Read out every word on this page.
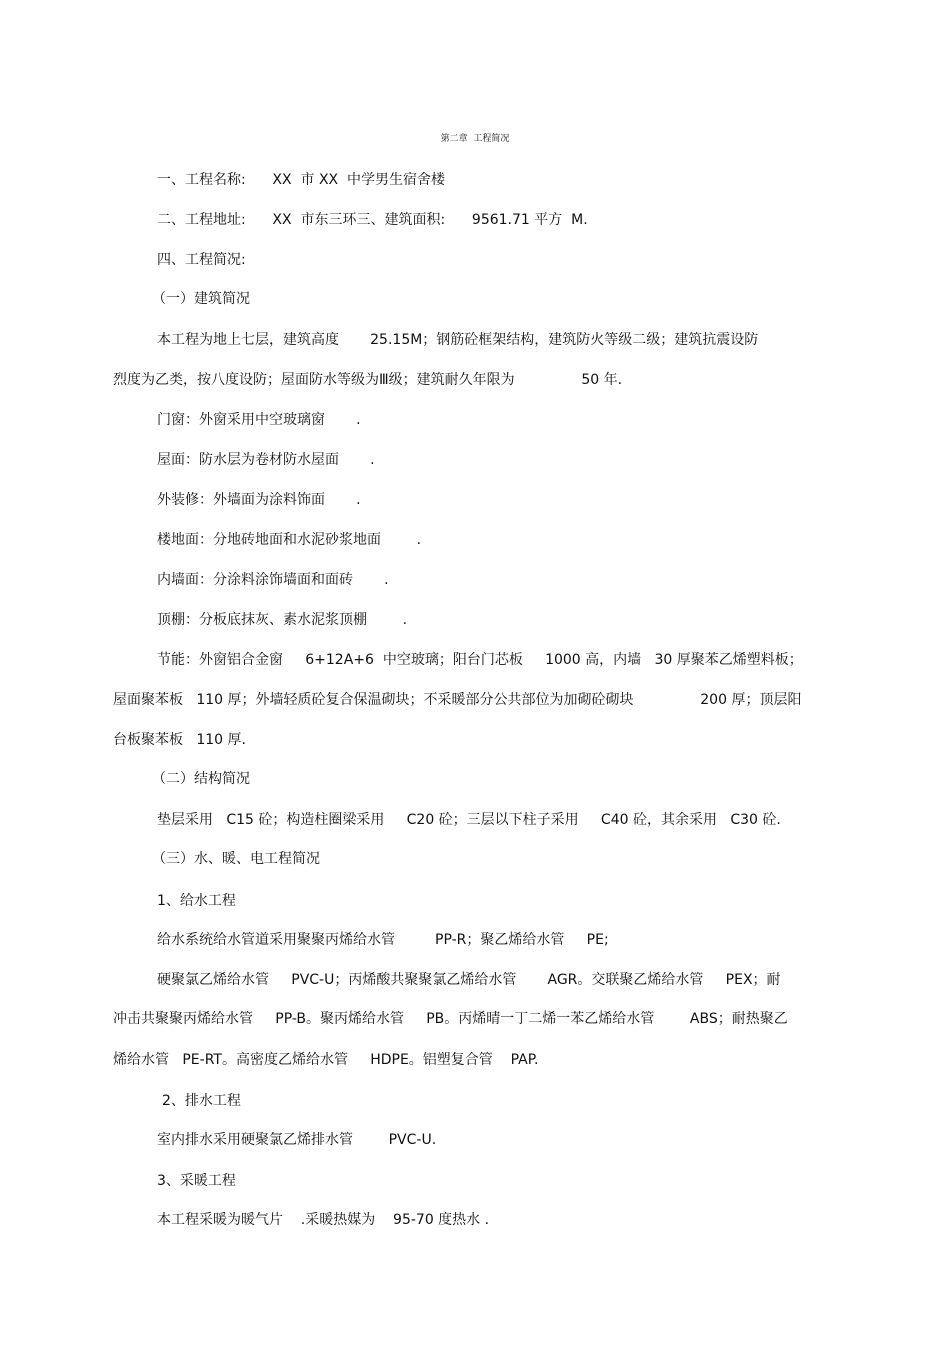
第二章  工程简况
一、工程名称:      XX  市 XX  中学男生宿舍楼
二、工程地址:      XX  市东三环三、建筑面积:      9561.71 平方  M.
四、工程简况:
（一）建筑简况
本工程为地上七层，建筑高度       25.15M；钢筋砼框架结构，建筑防火等级二级；建筑抗震设防
烈度为乙类，按八度设防；屋面防水等级为Ⅲ级；建筑耐久年限为               50 年.
门窗：外窗采用中空玻璃窗       .
屋面：防水层为卷材防水屋面       .
外装修：外墙面为涂料饰面       .
楼地面：分地砖地面和水泥砂浆地面        .
内墙面：分涂料涂饰墙面和面砖       .
顶棚：分板底抹灰、素水泥浆顶棚        .
节能：外窗铝合金窗     6+12A+6  中空玻璃；阳台门芯板     1000 高，内墙   30 厚聚苯乙烯塑料板；
屋面聚苯板   110 厚；外墙轻质砼复合保温砌块；不采暖部分公共部位为加砌砼砌块               200 厚；顶层阳
台板聚苯板   110 厚.
（二）结构简况
垫层采用   C15 砼；构造柱圈梁采用     C20 砼；三层以下柱子采用     C40 砼，其余采用   C30 砼.
（三）水、暖、电工程简况
1、给水工程
给水系统给水管道采用聚聚丙烯给水管         PP-R；聚乙烯给水管     PE;
硬聚氯乙烯给水管     PVC-U；丙烯酸共聚聚氯乙烯给水管       AGR。交联聚乙烯给水管     PEX；耐
冲击共聚聚丙烯给水管     PP-B。聚丙烯给水管     PB。丙烯晴一丁二烯一苯乙烯给水管        ABS；耐热聚乙
烯给水管   PE-RT。高密度乙烯给水管     HDPE。铝塑复合管    PAP.
2、排水工程
室内排水采用硬聚氯乙烯排水管        PVC-U.
3、采暖工程
本工程采暖为暖气片    .采暖热媒为    95-70 度热水 .
